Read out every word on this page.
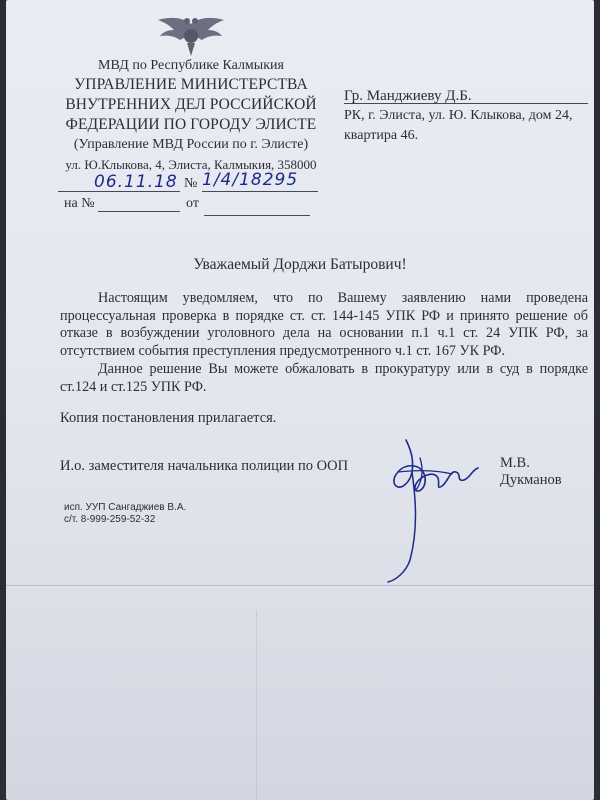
МВД по Республике Калмыкия
УПРАВЛЕНИЕ МИНИСТЕРСТВА
ВНУТРЕННИХ ДЕЛ РОССИЙСКОЙ
ФЕДЕРАЦИИ ПО ГОРОДУ ЭЛИСТЕ
(Управление МВД России по г. Элисте)
ул. Ю.Клыкова, 4, Элиста, Калмыкия, 358000
06.11.18 № 1/4/18295
на №	от
Гр. Манджиеву Д.Б.
РК, г. Элиста, ул. Ю. Клыкова, дом 24,
квартира 46.
Уважаемый Дорджи Батырович!
Настоящим уведомляем, что по Вашему заявлению нами проведена процессуальная проверка в порядке ст. ст. 144-145 УПК РФ и принято решение об отказе в возбуждении уголовного дела на основании п.1 ч.1 ст. 24 УПК РФ, за отсутствием события преступления предусмотренного ч.1 ст. 167 УК РФ.
Данное решение Вы можете обжаловать в прокуратуру или в суд в порядке ст.124 и ст.125 УПК РФ.
Копия постановления прилагается.
И.о. заместителя начальника полиции по ООП	М.В. Дукманов
исп. УУП Сангаджиев В.А.
с/т. 8-999-259-52-32
